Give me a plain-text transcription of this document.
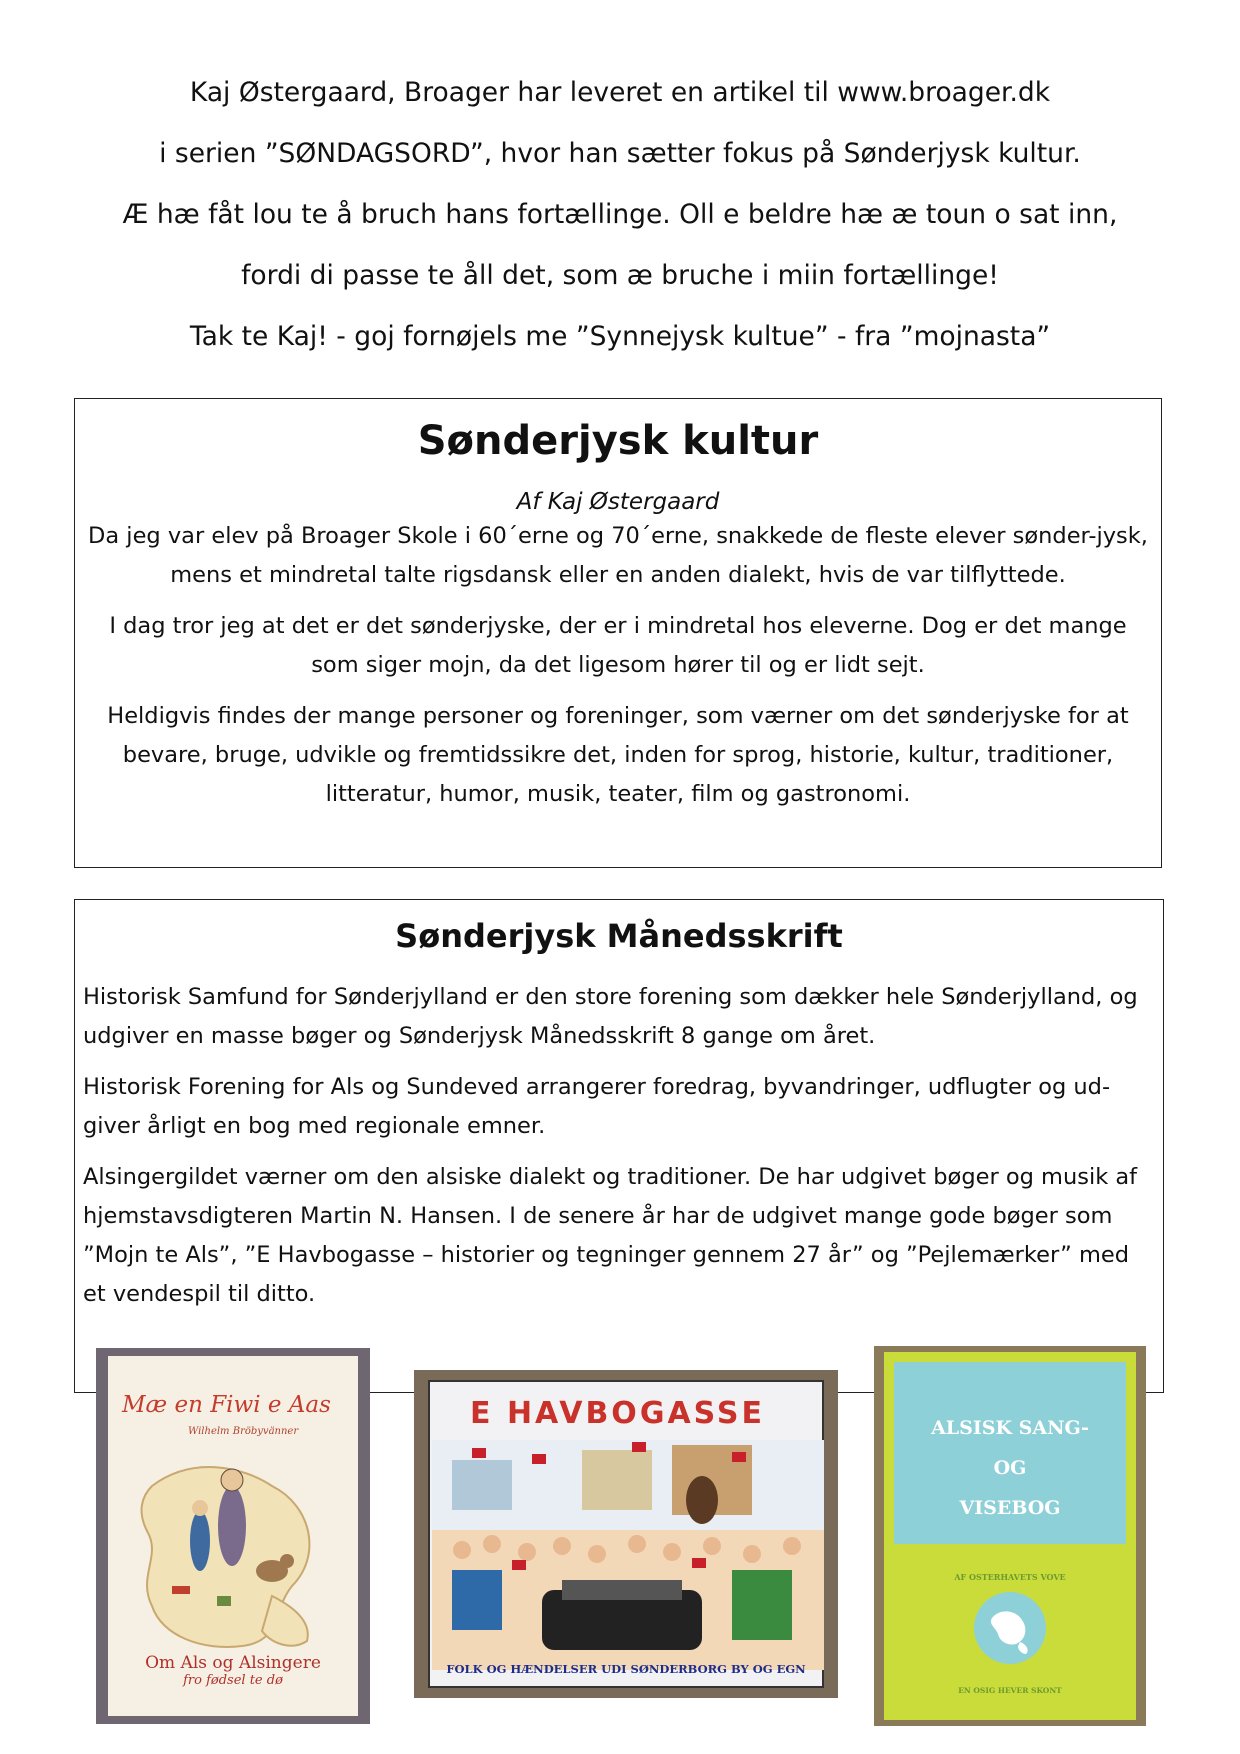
Kaj Østergaard, Broager har leveret en artikel til www.broager.dk

i serien ”SØNDAGSORD”, hvor han sætter fokus på Sønderjysk kultur.

Æ hæ fåt lou te å bruch hans fortællinge. Oll e beldre hæ æ toun o sat inn,

fordi di passe te åll det, som æ bruche i miin fortællinge!

Tak te Kaj! - goj fornøjels me ”Synnejysk kultue” - fra ”mojnasta”

Sønderjysk kultur

Af Kaj Østergaard

Da jeg var elev på Broager Skole i 60´erne og 70´erne, snakkede de fleste elever sønder-jysk, mens et mindretal talte rigsdansk eller en anden dialekt, hvis de var tilflyttede.

I dag tror jeg at det er det sønderjyske, der er i mindretal hos eleverne. Dog er det mange som siger mojn, da det ligesom hører til og er lidt sejt.

Heldigvis findes der mange personer og foreninger, som værner om det sønderjyske for at bevare, bruge, udvikle og fremtidssikre det, inden for sprog, historie, kultur, traditioner, litteratur, humor, musik, teater, film og gastronomi.

Sønderjysk Månedsskrift

Historisk Samfund for Sønderjylland er den store forening som dækker hele Sønderjylland, og udgiver en masse bøger og Sønderjysk Månedsskrift 8 gange om året.

Historisk Forening for Als og Sundeved arrangerer foredrag, byvandringer, udflugter og ud-giver årligt en bog med regionale emner.

Alsingergildet værner om den alsiske dialekt og traditioner. De har udgivet bøger og musik af hjemstavsdigteren Martin N. Hansen. I de senere år har de udgivet mange gode bøger som ”Mojn te Als”, ”E Havbogasse – historier og tegninger gennem 27 år” og ”Pejlemærker” med et vendespil til ditto.

Mæ en Fiwi e Aas
Wilhelm Bröbyvänner
Om Als og Alsingere
fro fødsel te dø
E HAVBOGASSE
FOLK OG HÆNDELSER UDI SØNDERBORG BY OG EGN
ALSISK SANG-
OG
VISEBOG
AF OSTERHAVETS VOVE
EN OSIG HEVER SKONT
